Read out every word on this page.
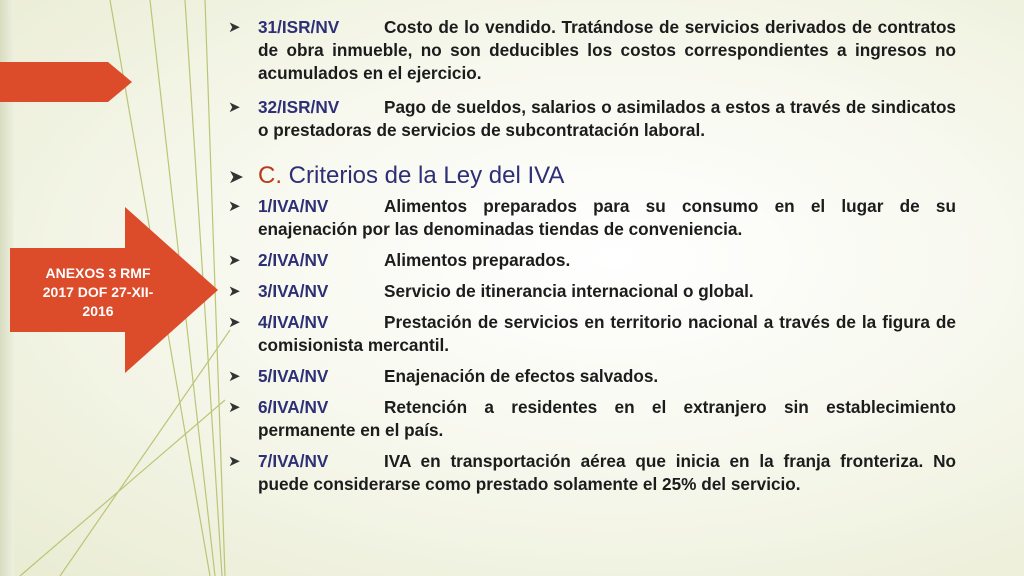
ANEXOS 3 RMF
2017 DOF 27-XII-
2016
➤ 31/ISR/NV	Costo de lo vendido. Tratándose de servicios derivados de contratos de obra inmueble, no son deducibles los costos correspondientes a ingresos no acumulados en el ejercicio.
➤ 32/ISR/NV	Pago de sueldos, salarios o asimilados a estos a través de sindicatos o prestadoras de servicios de subcontratación laboral.
➤ C. Criterios de la Ley del IVA
➤ 1/IVA/NV	Alimentos preparados para su consumo en el lugar de su enajenación por las denominadas tiendas de conveniencia.
➤ 2/IVA/NV	Alimentos preparados.
➤ 3/IVA/NV	Servicio de itinerancia internacional o global.
➤ 4/IVA/NV	Prestación de servicios en territorio nacional a través de la figura de comisionista mercantil.
➤ 5/IVA/NV	Enajenación de efectos salvados.
➤ 6/IVA/NV	Retención a residentes en el extranjero sin establecimiento permanente en el país.
➤ 7/IVA/NV	IVA en transportación aérea que inicia en la franja fronteriza. No puede considerarse como prestado solamente el 25% del servicio.
